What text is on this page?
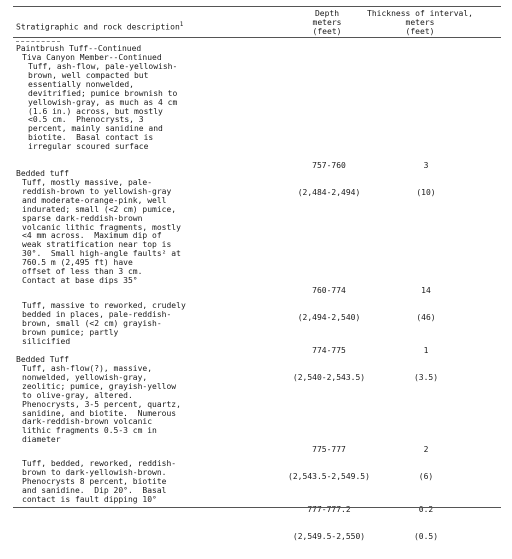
Stratigraphic and rock description$^1$
Depth
meters
(feet)
Thickness of interval,
meters
(feet)
Paintbrush Tuff--Continued
Tiva Canyon Member--Continued
Tuff, ash-flow, pale-yellowish-
brown, well compacted but
essentially nonwelded,
devitrified; pumice brownish to
yellowish-gray, as much as 4 cm
(1.6 in.) across, but mostly
<0.5 cm.  Phenocrysts, 3
percent, mainly sanidine and
biotite.  Basal contact is
irregular scoured surface

757-760

(2,484-2,494)

3

(10)

Bedded tuff
Tuff, mostly massive, pale-
reddish-brown to yellowish-gray
and moderate-orange-pink, well
indurated; small (<2 cm) pumice,
sparse dark-reddish-brown
volcanic lithic fragments, mostly
<4 mm across.  Maximum dip of
weak stratification near top is
30°.  Small high-angle faults² at
760.5 m (2,495 ft) have
offset of less than 3 cm.
Contact at base dips 35°

760-774

(2,494-2,540)

14

(46)

Tuff, massive to reworked, crudely
bedded in places, pale-reddish-
brown, small (<2 cm) grayish-
brown pumice; partly
silicified

774-775

(2,540-2,543.5)

1

(3.5)

Bedded Tuff
Tuff, ash-flow(?), massive,
nonwelded, yellowish-gray,
zeolitic; pumice, grayish-yellow
to olive-gray, altered.
Phenocrysts, 3-5 percent, quartz,
sanidine, and biotite.  Numerous
dark-reddish-brown volcanic
lithic fragments 0.5-3 cm in
diameter

775-777

(2,543.5-2,549.5)

2

(6)

Tuff, bedded, reworked, reddish-
brown to dark-yellowish-brown.
Phenocrysts 8 percent, biotite
and sanidine.  Dip 20°.  Basal
contact is fault dipping 10°

777-777.2

(2,549.5-2,550)

0.2

(0.5)
